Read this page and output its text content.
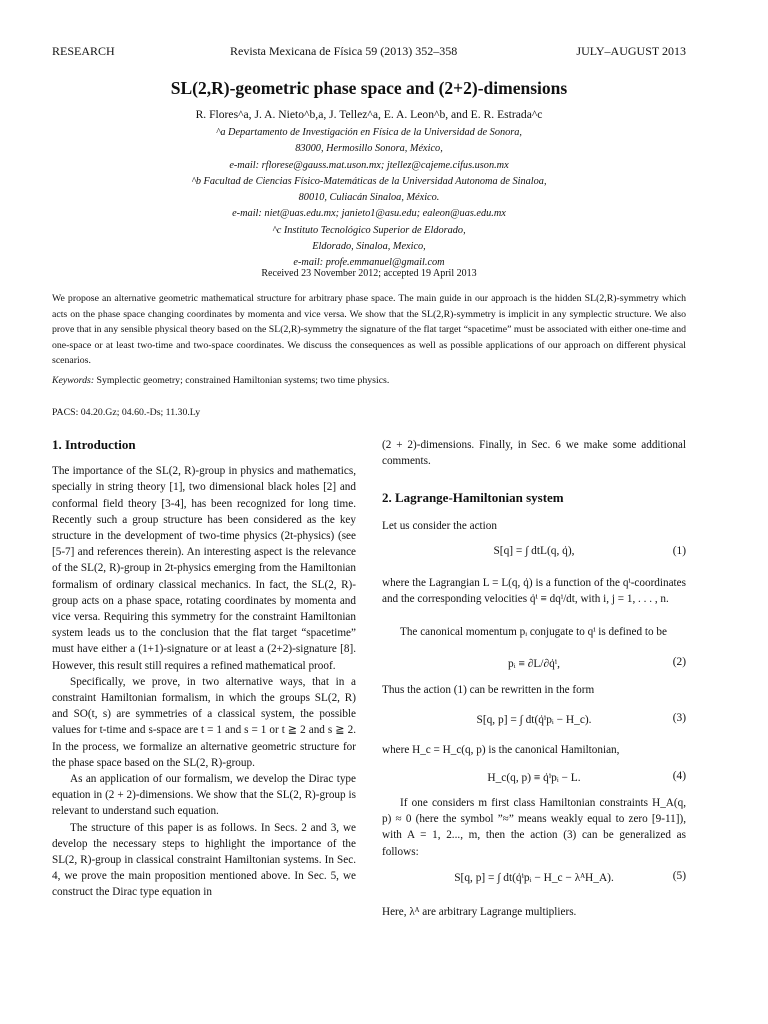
RESEARCH	Revista Mexicana de Física 59 (2013) 352–358	JULY–AUGUST 2013
SL(2,R)-geometric phase space and (2+2)-dimensions
R. Flores^a, J. A. Nieto^b,a, J. Tellez^a, E. A. Leon^b, and E. R. Estrada^c
^a Departamento de Investigación en Física de la Universidad de Sonora,
83000, Hermosillo Sonora, México,
e-mail: rflorese@gauss.mat.uson.mx; jtellez@cajeme.cifus.uson.mx
^b Facultad de Ciencias Físico-Matemáticas de la Universidad Autonoma de Sinaloa,
80010, Culiacán Sinaloa, México.
e-mail: niet@uas.edu.mx; janieto1@asu.edu; ealeon@uas.edu.mx
^c Instituto Tecnológico Superior de Eldorado,
Eldorado, Sinaloa, Mexico,
e-mail: profe.emmanuel@gmail.com
Received 23 November 2012; accepted 19 April 2013
We propose an alternative geometric mathematical structure for arbitrary phase space. The main guide in our approach is the hidden SL(2,R)-symmetry which acts on the phase space changing coordinates by momenta and vice versa. We show that the SL(2,R)-symmetry is implicit in any symplectic structure. We also prove that in any sensible physical theory based on the SL(2,R)-symmetry the signature of the flat target “spacetime” must be associated with either one-time and one-space or at least two-time and two-space coordinates. We discuss the consequences as well as possible applications of our approach on different physical scenarios.
Keywords: Symplectic geometry; constrained Hamiltonian systems; two time physics.
PACS: 04.20.Gz; 04.60.-Ds; 11.30.Ly
1. Introduction

The importance of the SL(2, R)-group in physics and mathematics, specially in string theory [1], two dimensional black holes [2] and conformal field theory [3-4], has been recognized for long time. Recently such a group structure has been considered as the key structure in the development of two-time physics (2t-physics) (see [5-7] and references therein). An interesting aspect is the relevance of the SL(2, R)-group in 2t-physics emerging from the Hamiltonian formalism of ordinary classical mechanics. In fact, the SL(2, R)-group acts on a phase space, rotating coordinates by momenta and vice versa. Requiring this symmetry for the constraint Hamiltonian system leads us to the conclusion that the flat target “spacetime” must have either a (1+1)-signature or at least a (2+2)-signature [8]. However, this result still requires a refined mathematical proof.

Specifically, we prove, in two alternative ways, that in a constraint Hamiltonian formalism, in which the groups SL(2, R) and SO(t, s) are symmetries of a classical system, the possible values for t-time and s-space are t = 1 and s = 1 or t ≧ 2 and s ≧ 2. In the process, we formalize an alternative geometric structure for the phase space based on the SL(2, R)-group.

As an application of our formalism, we develop the Dirac type equation in (2 + 2)-dimensions. We show that the SL(2, R)-group is relevant to understand such equation.

The structure of this paper is as follows. In Secs. 2 and 3, we develop the necessary steps to highlight the importance of the SL(2, R)-group in classical constraint Hamiltonian systems. In Sec. 4, we prove the main proposition mentioned above. In Sec. 5, we construct the Dirac type equation in

(2 + 2)-dimensions. Finally, in Sec. 6 we make some additional comments.
2. Lagrange-Hamiltonian system
Let us consider the action
S[q] = ∫ dtL(q, q̇),	(1)
where the Lagrangian L = L(q, q̇) is a function of the qⁱ-coordinates and the corresponding velocities q̇ⁱ ≡ dqⁱ/dt, with i, j = 1, . . . , n.
The canonical momentum pᵢ conjugate to qⁱ is defined to be
pᵢ ≡ ∂L/∂q̇ⁱ,	(2)
Thus the action (1) can be rewritten in the form
S[q, p] = ∫ dt(q̇ⁱpᵢ − H_c).	(3)
where H_c = H_c(q, p) is the canonical Hamiltonian,
H_c(q, p) ≡ q̇ⁱpᵢ − L.	(4)
If one considers m first class Hamiltonian constraints H_A(q, p) ≈ 0 (here the symbol ”≈” means weakly equal to zero [9-11]), with A = 1, 2..., m, then the action (3) can be generalized as follows:
S[q, p] = ∫ dt(q̇ⁱpᵢ − H_c − λᴬH_A).	(5)
Here, λᴬ are arbitrary Lagrange multipliers.
